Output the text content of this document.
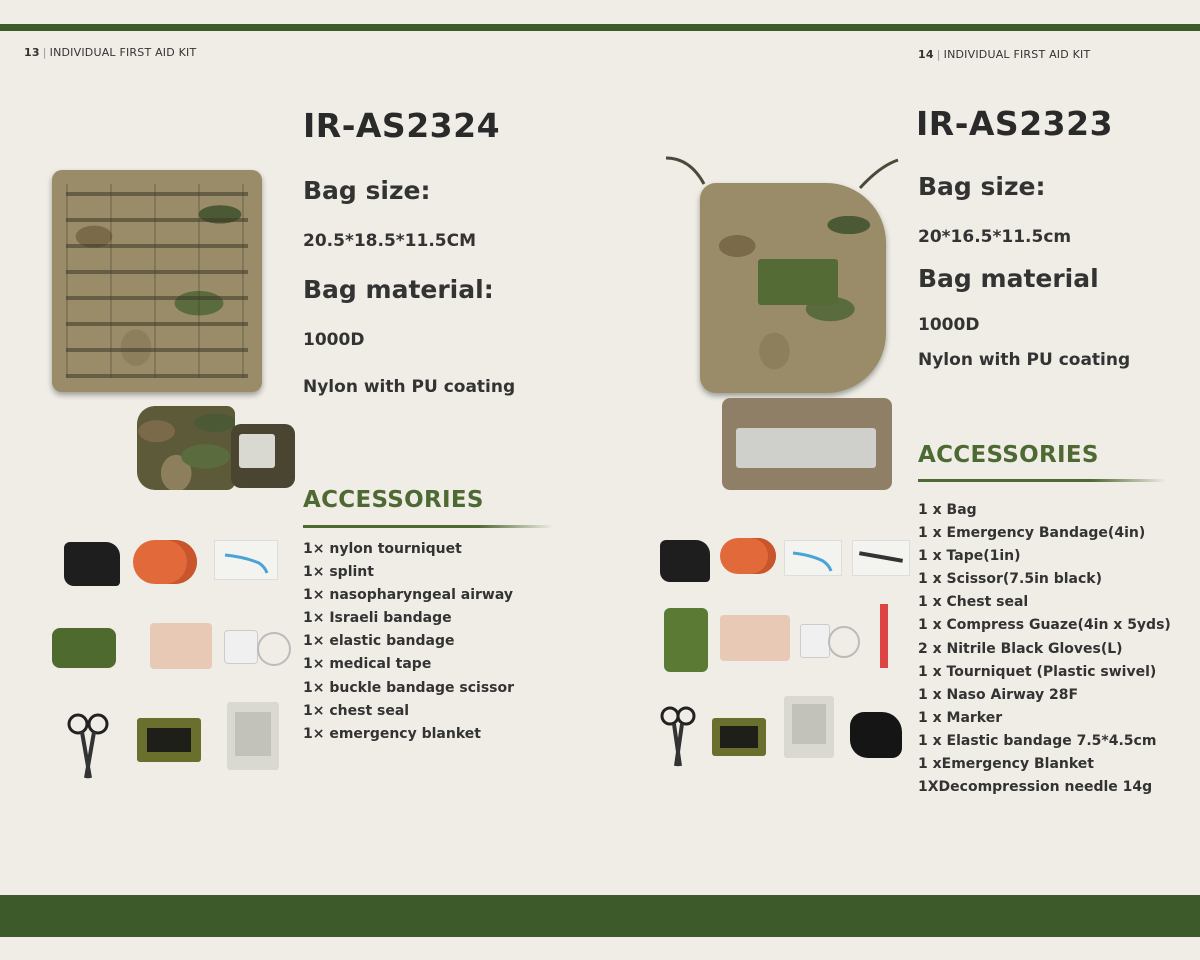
13 | INDIVIDUAL FIRST AID KIT
IR-AS2324
Bag size:
20.5*18.5*11.5CM
Bag material:
1000D
Nylon with PU coating
ACCESSORIES
1× nylon tourniquet
1× splint
1× nasopharyngeal airway
1× Israeli bandage
1× elastic bandage
1× medical tape
1× buckle bandage scissor
1× chest seal
1× emergency blanket
14 | INDIVIDUAL FIRST AID KIT
IR-AS2323
Bag size:
20*16.5*11.5cm
Bag material
1000D
Nylon with PU coating
ACCESSORIES
1 x Bag
1 x Emergency Bandage(4in)
1 x Tape(1in)
1 x Scissor(7.5in black)
1 x Chest seal
1 x Compress Guaze(4in x 5yds)
2 x Nitrile Black Gloves(L)
1 x Tourniquet (Plastic swivel)
1 x Naso Airway 28F
1 x Marker
1 x Elastic bandage 7.5*4.5cm
1 xEmergency Blanket
1XDecompression needle 14g
